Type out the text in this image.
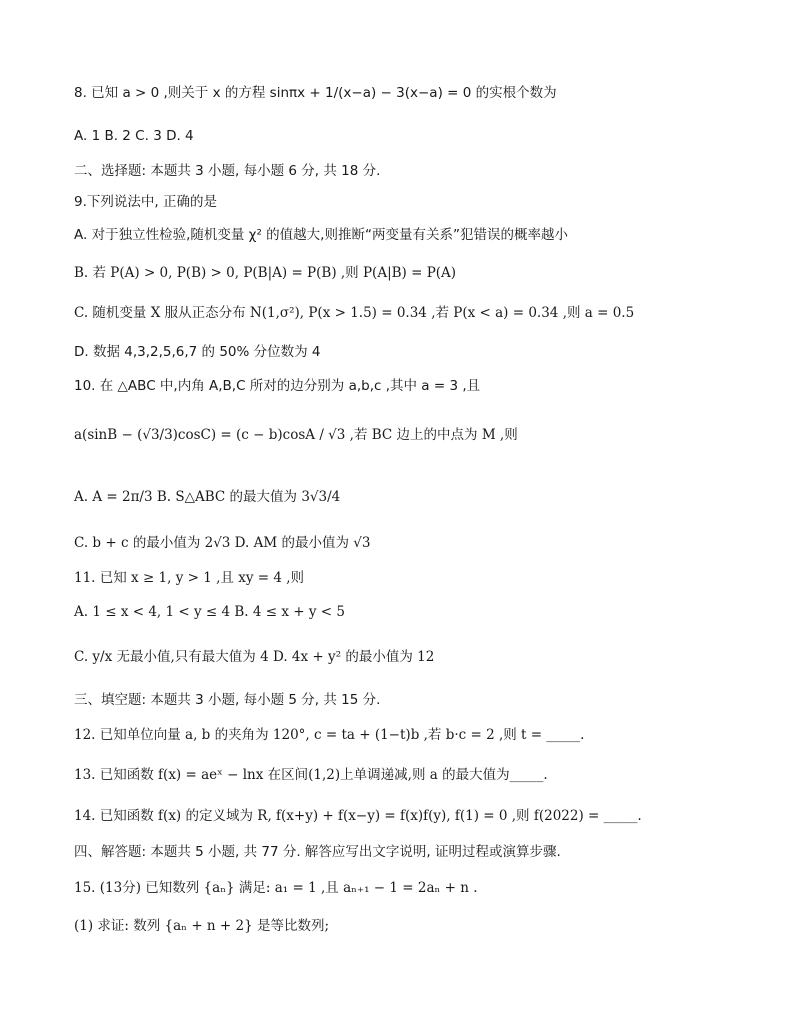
8. 已知 a > 0 ,则关于 x 的方程 sinπx + 1/(x−a) − 3(x−a) = 0 的实根个数为
A. 1 B. 2 C. 3 D. 4
二、选择题: 本题共 3 小题, 每小题 6 分, 共 18 分.
9.下列说法中, 正确的是
A. 对于独立性检验,随机变量 χ² 的值越大,则推断“两变量有关系”犯错误的概率越小
B. 若 P(A) > 0, P(B) > 0, P(B|A) = P(B) ,则 P(A|B) = P(A)
C. 随机变量 X 服从正态分布 N(1,σ²), P(x > 1.5) = 0.34 ,若 P(x < a) = 0.34 ,则 a = 0.5
D. 数据 4,3,2,5,6,7 的 50% 分位数为 4
10. 在 △ABC 中,内角 A,B,C 所对的边分别为 a,b,c ,其中 a = 3 ,且
a(sinB − (√3/3)cosC) = (c − b)cosA / √3 ,若 BC 边上的中点为 M ,则
A. A = 2π/3 B. S△ABC 的最大值为 3√3/4
C. b + c 的最小值为 2√3 D. AM 的最小值为 √3
11. 已知 x ≥ 1, y > 1 ,且 xy = 4 ,则
A. 1 ≤ x < 4, 1 < y ≤ 4 B. 4 ≤ x + y < 5
C. y/x 无最小值,只有最大值为 4 D. 4x + y² 的最小值为 12
三、填空题: 本题共 3 小题, 每小题 5 分, 共 15 分.
12. 已知单位向量 a, b 的夹角为 120°, c = ta + (1−t)b ,若 b·c = 2 ,则 t = _____.
13. 已知函数 f(x) = aeˣ − lnx 在区间(1,2)上单调递减,则 a 的最大值为_____.
14. 已知函数 f(x) 的定义域为 R, f(x+y) + f(x−y) = f(x)f(y), f(1) = 0 ,则 f(2022) = _____.
四、解答题: 本题共 5 小题, 共 77 分. 解答应写出文字说明, 证明过程或演算步骤.
15. (13分) 已知数列 {aₙ} 满足: a₁ = 1 ,且 aₙ₊₁ − 1 = 2aₙ + n .
(1) 求证: 数列 {aₙ + n + 2} 是等比数列;
